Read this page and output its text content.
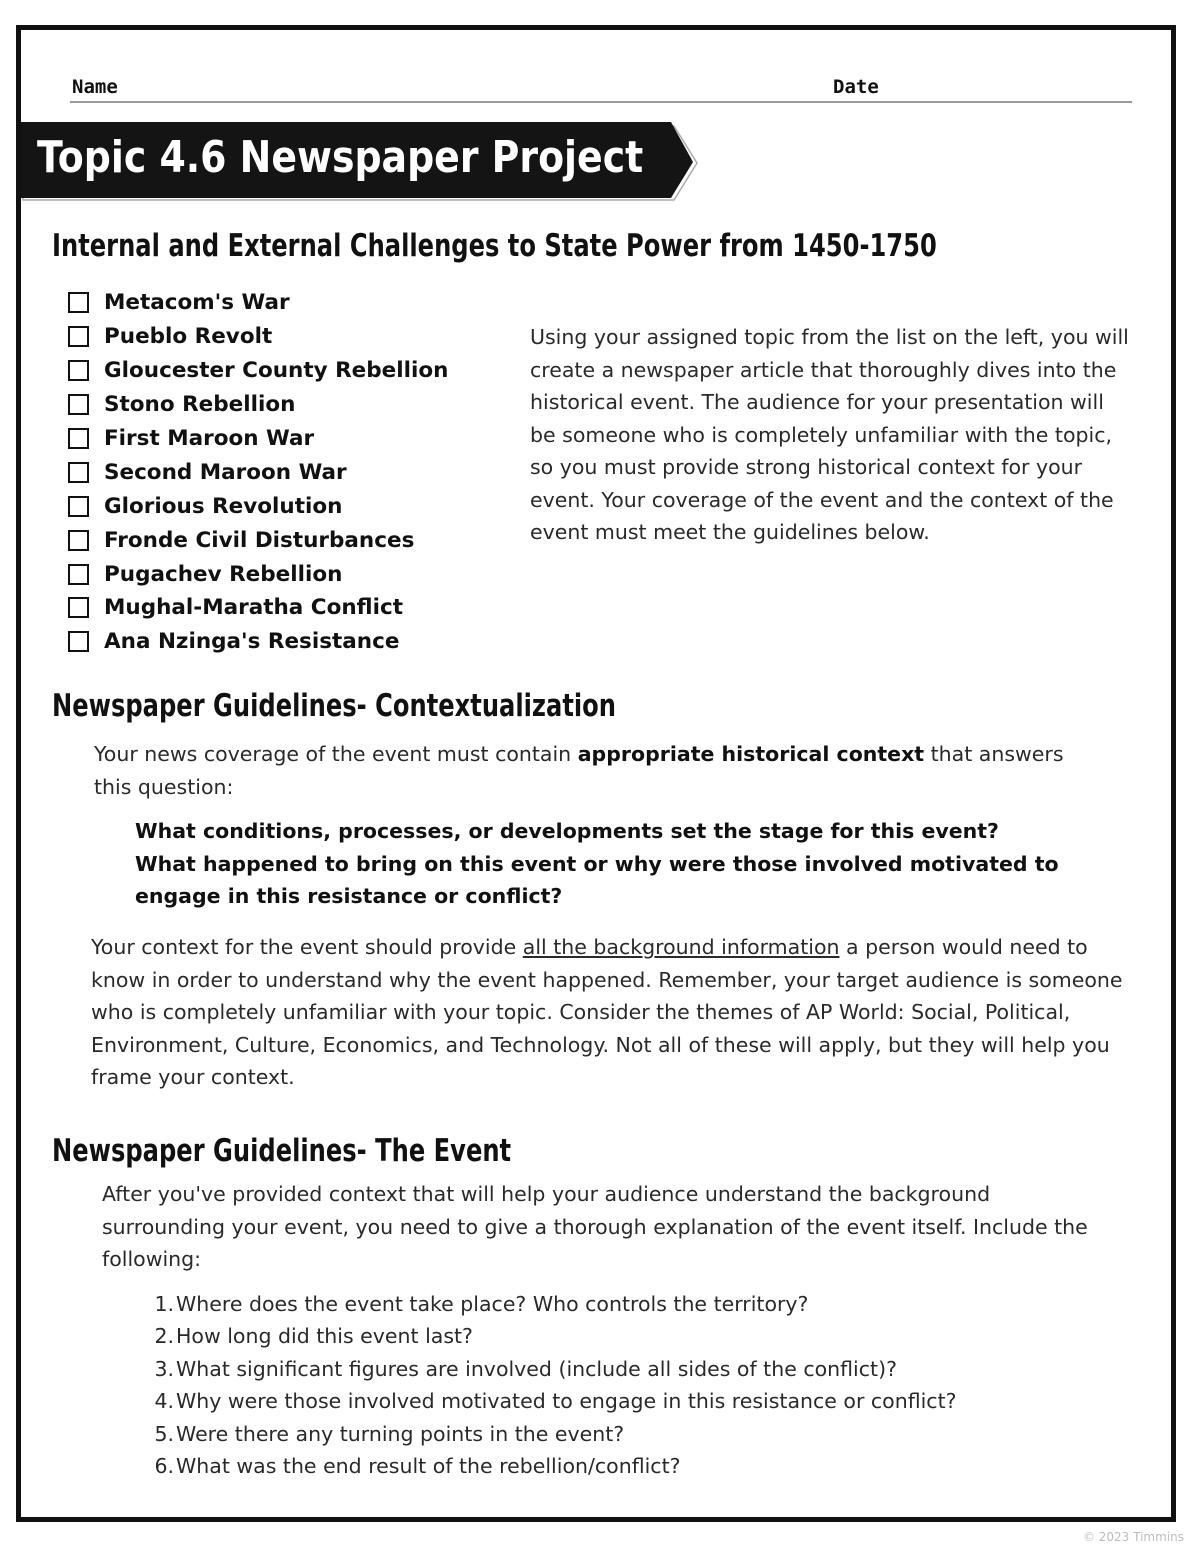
Name	Date
Topic 4.6 Newspaper Project
Internal and External Challenges to State Power from 1450-1750
Metacom's War
Pueblo Revolt
Gloucester County Rebellion
Stono Rebellion
First Maroon War
Second Maroon War
Glorious Revolution
Fronde Civil Disturbances
Pugachev Rebellion
Mughal-Maratha Conflict
Ana Nzinga's Resistance
Using your assigned topic from the list on the left, you will create a newspaper article that thoroughly dives into the historical event. The audience for your presentation will be someone who is completely unfamiliar with the topic, so you must provide strong historical context for your event. Your coverage of the event and the context of the event must meet the guidelines below.
Newspaper Guidelines- Contextualization
Your news coverage of the event must contain appropriate historical context that answers this question:
What conditions, processes, or developments set the stage for this event?
What happened to bring on this event or why were those involved motivated to engage in this resistance or conflict?
Your context for the event should provide all the background information a person would need to know in order to understand why the event happened. Remember, your target audience is someone who is completely unfamiliar with your topic. Consider the themes of AP World: Social, Political, Environment, Culture, Economics, and Technology. Not all of these will apply, but they will help you frame your context.
Newspaper Guidelines- The Event
After you've provided context that will help your audience understand the background surrounding your event, you need to give a thorough explanation of the event itself. Include the following:
1.Where does the event take place? Who controls the territory?
2.How long did this event last?
3.What significant figures are involved (include all sides of the conflict)?
4.Why were those involved motivated to engage in this resistance or conflict?
5.Were there any turning points in the event?
6.What was the end result of the rebellion/conflict?
© 2023 Timmins
